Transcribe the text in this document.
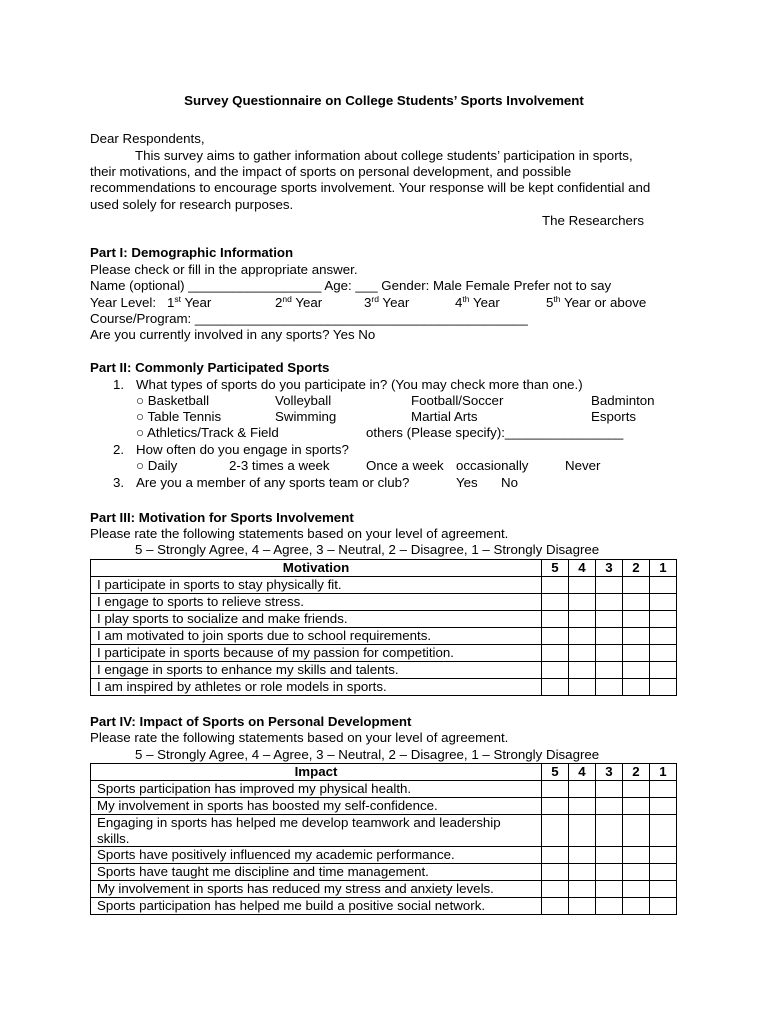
Survey Questionnaire on College Students’ Sports Involvement
Dear Respondents,
This survey aims to gather information about college students’ participation in sports,
their motivations, and the impact of sports on personal development, and possible
recommendations to encourage sports involvement. Your response will be kept confidential and
used solely for research purposes.
The Researchers
Part I: Demographic Information
Please check or fill in the appropriate answer.
Name (optional) __________________ Age: ___ Gender: Male Female Prefer not to say
Year Level: 1st Year	2nd Year	3rd Year	4th Year	5th Year or above
Course/Program: _____________________________________________
Are you currently involved in any sports? Yes No
Part II: Commonly Participated Sports
1. What types of sports do you participate in? (You may check more than one.)
○ Basketball	Volleyball	Football/Soccer	Badminton
○ Table Tennis	Swimming	Martial Arts	Esports
○ Athletics/Track & Field	others (Please specify):________________
2. How often do you engage in sports?
○ Daily	2-3 times a week	Once a week occasionally	Never
3. Are you a member of any sports team or club?	Yes No
Part III: Motivation for Sports Involvement
Please rate the following statements based on your level of agreement.
5 – Strongly Agree, 4 – Agree, 3 – Neutral, 2 – Disagree, 1 – Strongly Disagree
Motivation	5	4	3	2	1
I participate in sports to stay physically fit.					
I engage to sports to relieve stress.					
I play sports to socialize and make friends.					
I am motivated to join sports due to school requirements.					
I participate in sports because of my passion for competition.					
I engage in sports to enhance my skills and talents.					
I am inspired by athletes or role models in sports.					
Part IV: Impact of Sports on Personal Development
Please rate the following statements based on your level of agreement.
5 – Strongly Agree, 4 – Agree, 3 – Neutral, 2 – Disagree, 1 – Strongly Disagree
Impact	5	4	3	2	1
Sports participation has improved my physical health.					
My involvement in sports has boosted my self-confidence.					
Engaging in sports has helped me develop teamwork and leadership skills.					
Sports have positively influenced my academic performance.					
Sports have taught me discipline and time management.					
My involvement in sports has reduced my stress and anxiety levels.					
Sports participation has helped me build a positive social network.					
